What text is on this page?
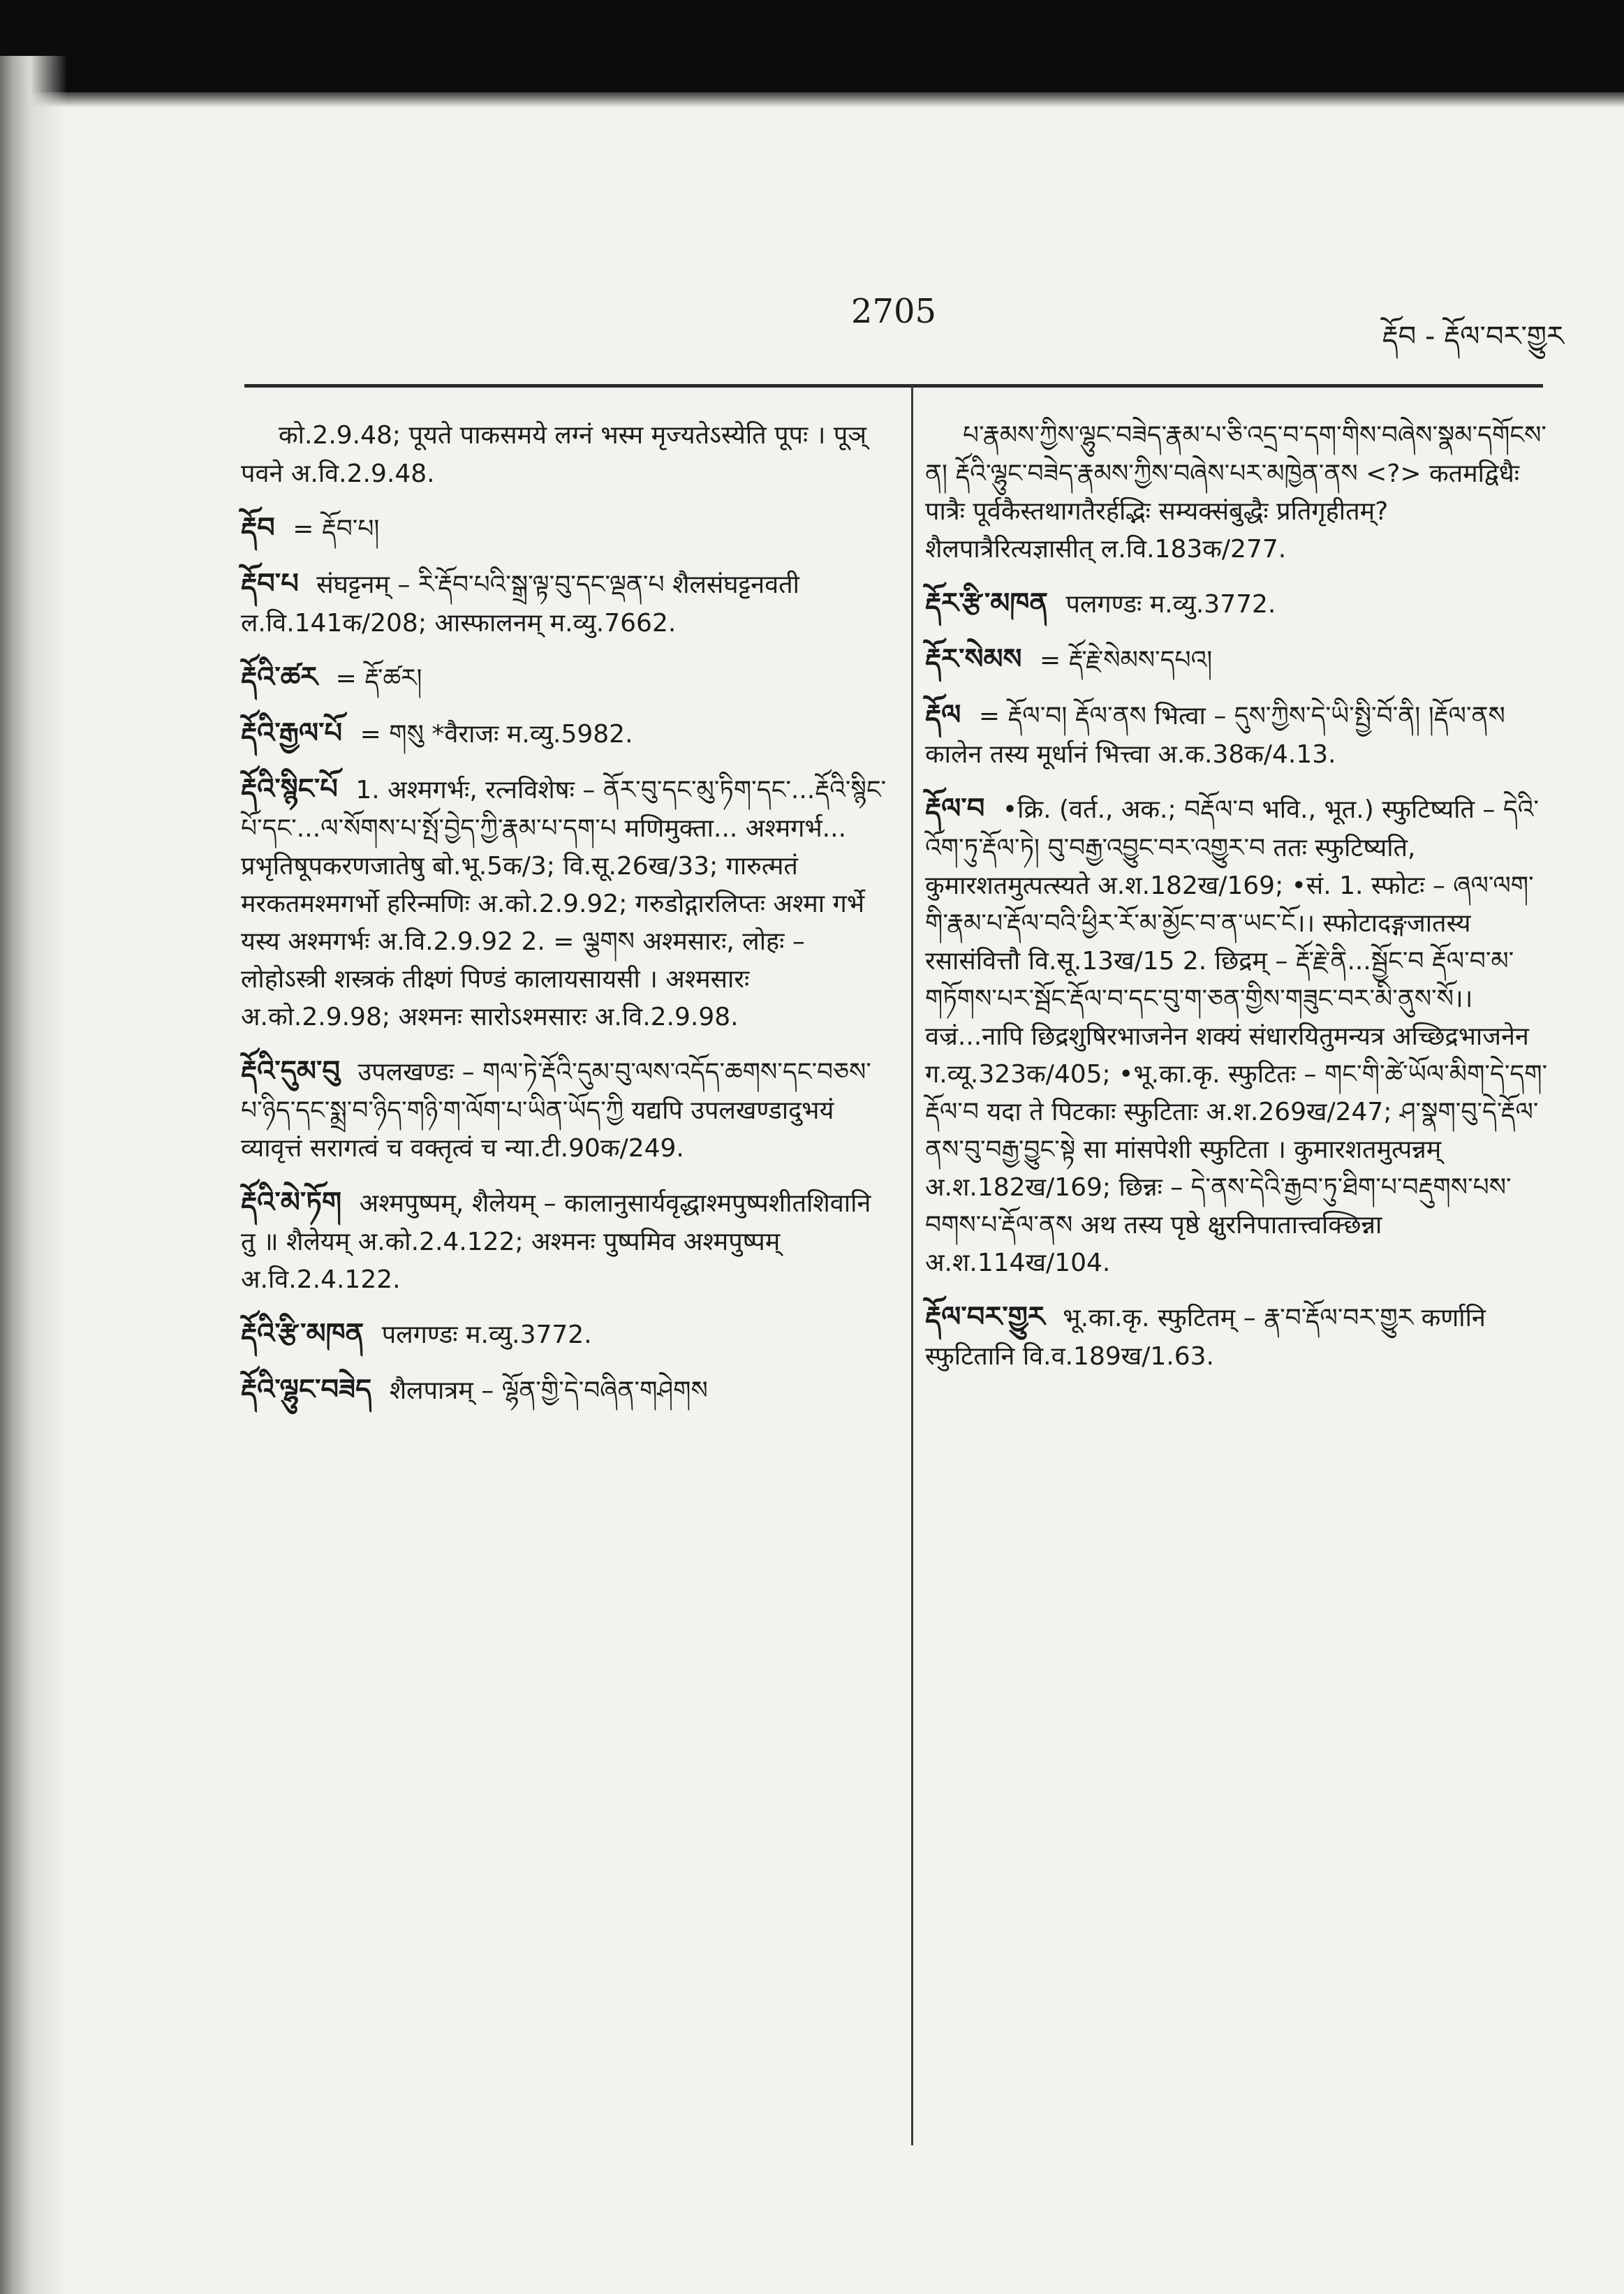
2705
རྡོབ - རྡོལ་བར་གྱུར
को.2.9.48; पूयते पाकसमये लग्नं भस्म मृज्यतेऽस्येति पूपः । पूञ् पवने अ.वि.2.9.48.
རྡོབ = རྡོབ་པ།
རྡོབ་པ संघट्टनम् – རི་རྡོབ་པའི་སྒྲ་ལྟ་བུ་དང་ལྡན་པ शैलसंघट्टनवती ल.वि.141क/208; आस्फालनम् म.व्यु.7662.
རྡོའི་ཚར = རྡོ་ཚར།
རྡོའི་རྒྱལ་པོ = གསུ *वैराजः म.व्यु.5982.
རྡོའི་སྙིང་པོ 1. अश्मगर्भः, रत्नविशेषः – ནོར་བུ་དང་མུ་ཏིག་དང་...རྡོའི་སྙིང་པོ་དང་...ལ་སོགས་པ་སྤོ་བྱེད་ཀྱི་རྣམ་པ་དག་པ मणिमुक्ता... अश्मगर्भ... प्रभृतिषूपकरणजातेषु बो.भू.5क/3; वि.सू.26ख/33; गारुत्मतं मरकतमश्मगर्भो हरिन्मणिः अ.को.2.9.92; गरुडोद्गारलिप्तः अश्मा गर्भे यस्य अश्मगर्भः अ.वि.2.9.92 2. = ལྕགས अश्मसारः, लोहः – लोहोऽस्त्री शस्त्रकं तीक्ष्णं पिण्डं कालायसायसी । अश्मसारः अ.को.2.9.98; अश्मनः सारोऽश्मसारः अ.वि.2.9.98.
རྡོའི་དུམ་བུ उपलखण्डः – གལ་ཏེ་རྡོའི་དུམ་བུ་ལས་འདོད་ཆགས་དང་བཅས་པ་ཉིད་དང་སྨྲ་བ་ཉིད་གཉི་ག་ལོག་པ་ཡིན་ཡོད་ཀྱི यद्यपि उपलखण्डादुभयं व्यावृत्तं सरागत्वं च वक्तृत्वं च न्या.टी.90क/249.
རྡོའི་མེ་ཏོག अश्मपुष्पम्, शैलेयम् – कालानुसार्यवृद्धाश्मपुष्पशीतशिवानि तु ॥ शैलेयम् अ.को.2.4.122; अश्मनः पुष्पमिव अश्मपुष्पम् अ.वि.2.4.122.
རྡོའི་རྩི་མཁན पलगण्डः म.व्यु.3772.
རྡོའི་ལྷུང་བཟེད शैलपात्रम् – ལྷོན་གྱི་དེ་བཞིན་གཤེགས
པ་རྣམས་ཀྱིས་ལྷུང་བཟེད་རྣམ་པ་ཅི་འདྲ་བ་དག་གིས་བཞེས་སྣམ་དགོངས་ན། རྡོའི་ལྷུང་བཟེད་རྣམས་ཀྱིས་བཞེས་པར་མཁྱེན་ནས <?> कतमद्विधैः पात्रैः पूर्वकैस्तथागतैरर्हद्भिः सम्यक्संबुद्धैः प्रतिगृहीतम्? शैलपात्रैरित्यज्ञासीत् ल.वि.183क/277.
རྡོར་རྩི་མཁན पलगण्डः म.व्यु.3772.
རྡོར་སེམས = རྡོ་རྗེ་སེམས་དཔའ།
རྡོལ = རྡོལ་བ། རྡོལ་ནས भित्वा – དུས་ཀྱིས་དེ་ཡི་སྤྱི་བོ་ནི། །རྡོལ་ནས कालेन तस्य मूर्धानं भित्त्वा अ.क.38क/4.13.
རྡོལ་བ •क्रि. (वर्त., अक.; བརྡོལ་བ भवि., भूत.) स्फुटिष्यति – དེའི་འོག་ཏུ་རྡོལ་ཏེ། བུ་བརྒྱ་འབྱུང་བར་འགྱུར་བ ततः स्फुटिष्यति, कुमारशतमुत्पत्स्यते अ.श.182ख/169; •सं. 1. स्फोटः – ཞལ་ལག་གི་རྣམ་པ་རྡོལ་བའི་ཕྱིར་རོ་མ་མྱོང་བ་ན་ཡང་ངོ।। स्फोटादङ्गजातस्य रसासंवित्तौ वि.सू.13ख/15 2. छिद्रम् – རྡོ་རྗེ་ནི...སྦྱོང་བ རྡོལ་བ་མ་གཏོགས་པར་སྦོང་རྡོལ་བ་དང་བུ་ག་ཅན་གྱིས་གཟུང་བར་མི་ནུས་སོ।। वज्रं...नापि छिद्रशुषिरभाजनेन शक्यं संधारयितुमन्यत्र अच्छिद्रभाजनेन ग.व्यू.323क/405; •भू.का.कृ. स्फुटितः – གང་གི་ཚེ་ཡོལ་མིག་དེ་དག་རྡོལ་བ यदा ते पिटकाः स्फुटिताः अ.श.269ख/247; ཤ་སྣག་བུ་དེ་རྡོལ་ནས་བུ་བརྒྱ་བྱུང་སྟེ सा मांसपेशी स्फुटिता । कुमारशतमुत्पन्नम् अ.श.182ख/169; छिन्नः – དེ་ནས་དེའི་རྒྱབ་ཏུ་ཐིག་པ་བརྡུགས་པས་བགས་པ་རྡོལ་ནས अथ तस्य पृष्ठे क्षुरनिपातात्त्वक्छिन्ना अ.श.114ख/104.
རྡོལ་བར་གྱུར भू.का.कृ. स्फुटितम् – རྣ་བ་རྡོལ་བར་གྱུར कर्णानि स्फुटितानि वि.व.189ख/1.63.
